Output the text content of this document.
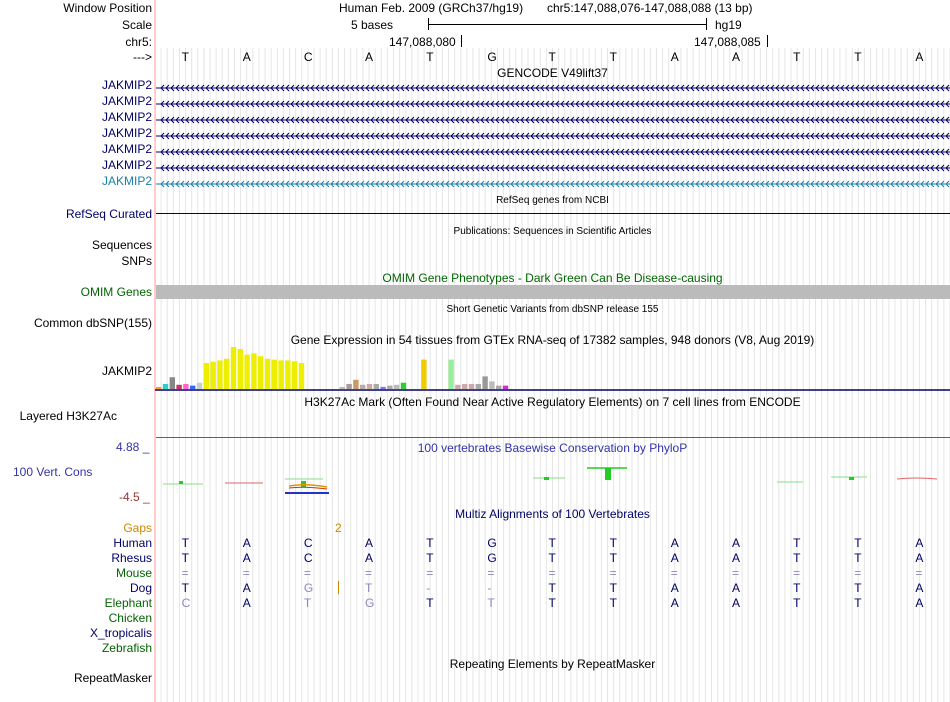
Window Position	Human Feb. 2009 (GRCh37/hg19) chr5:147,088,076-147,088,088 (13 bp)
Scale	5 bases	hg19
chr5:	147,088,080	147,088,085
---> T	A	C	A	T	G	T	T	A	A	T	T	A
GENCODE V49lift37
JAKMIP2
JAKMIP2
JAKMIP2
JAKMIP2
JAKMIP2
JAKMIP2
JAKMIP2
RefSeq genes from NCBI
RefSeq Curated
Publications: Sequences in Scientific Articles
Sequences
SNPs
OMIM Gene Phenotypes - Dark Green Can Be Disease-causing
OMIM Genes
Short Genetic Variants from dbSNP release 155
Common dbSNP(155)
Gene Expression in 54 tissues from GTEx RNA-seq of 17382 samples, 948 donors (V8, Aug 2019)
JAKMIP2
H3K27Ac Mark (Often Found Near Active Regulatory Elements) on 7 cell lines from ENCODE
Layered H3K27Ac
100 vertebrates Basewise Conservation by PhyloP
4.88 _
100 Vert. Cons
-4.5 _
Multiz Alignments of 100 Vertebrates
Gaps	2
Human T	A	C	A	T	G	T	T	A	A	T	T	A
Rhesus T	A	C	A	T	G	T	T	A	A	T	T	A
Mouse =	=	=	=	=	=	=	=	=	=	=	=	=
Dog T	A	G	T	-	-	T	T	A	A	T	T	A
Elephant C	A	T	G	T	T	T	T	A	A	T	T	A
Chicken
X_tropicalis
Zebrafish
Repeating Elements by RepeatMasker
RepeatMasker
